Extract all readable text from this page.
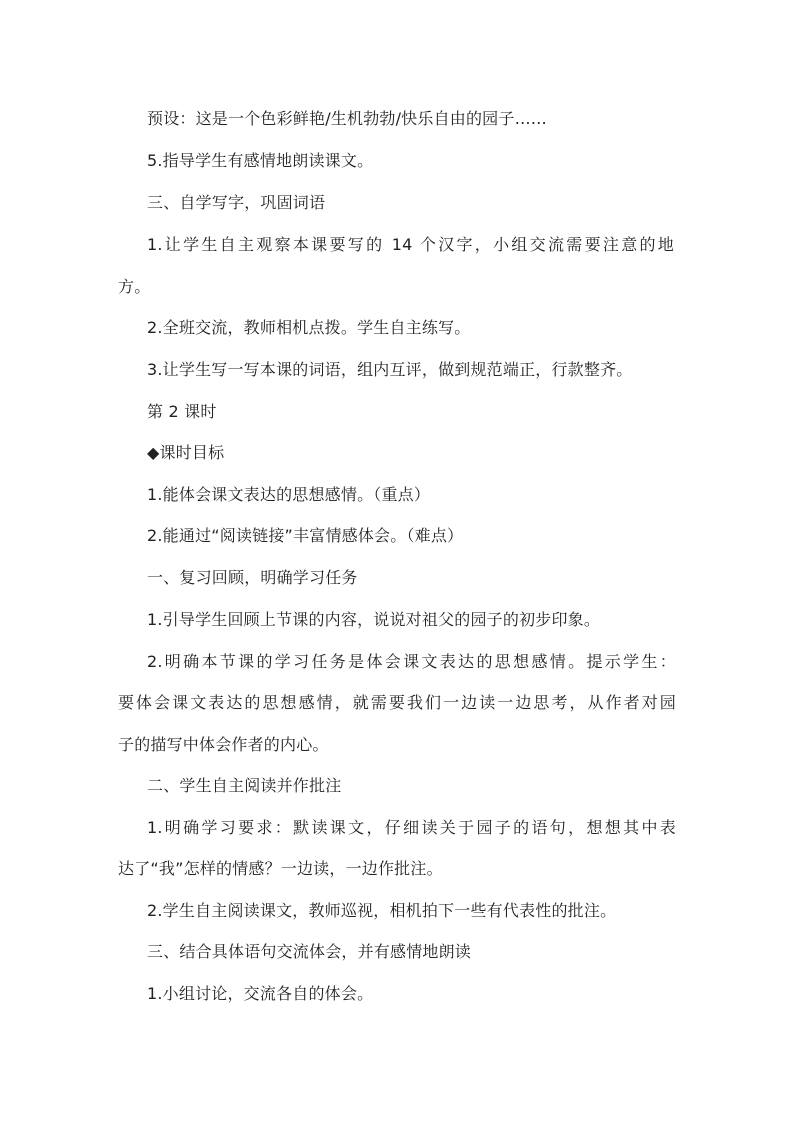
预设：这是一个色彩鲜艳/生机勃勃/快乐自由的园子……
5.指导学生有感情地朗读课文。
三、自学写字，巩固词语
1.让学生自主观察本课要写的 14 个汉字，小组交流需要注意的地
方。
2.全班交流，教师相机点拨。学生自主练写。
3.让学生写一写本课的词语，组内互评，做到规范端正，行款整齐。
第 2 课时
◆课时目标
1.能体会课文表达的思想感情。（重点）
2.能通过“阅读链接”丰富情感体会。（难点）
一、复习回顾，明确学习任务
1.引导学生回顾上节课的内容，说说对祖父的园子的初步印象。
2.明确本节课的学习任务是体会课文表达的思想感情。提示学生：
要体会课文表达的思想感情，就需要我们一边读一边思考，从作者对园
子的描写中体会作者的内心。
二、学生自主阅读并作批注
1.明确学习要求：默读课文，仔细读关于园子的语句，想想其中表
达了“我”怎样的情感？一边读，一边作批注。
2.学生自主阅读课文，教师巡视，相机拍下一些有代表性的批注。
三、结合具体语句交流体会，并有感情地朗读
1.小组讨论，交流各自的体会。
